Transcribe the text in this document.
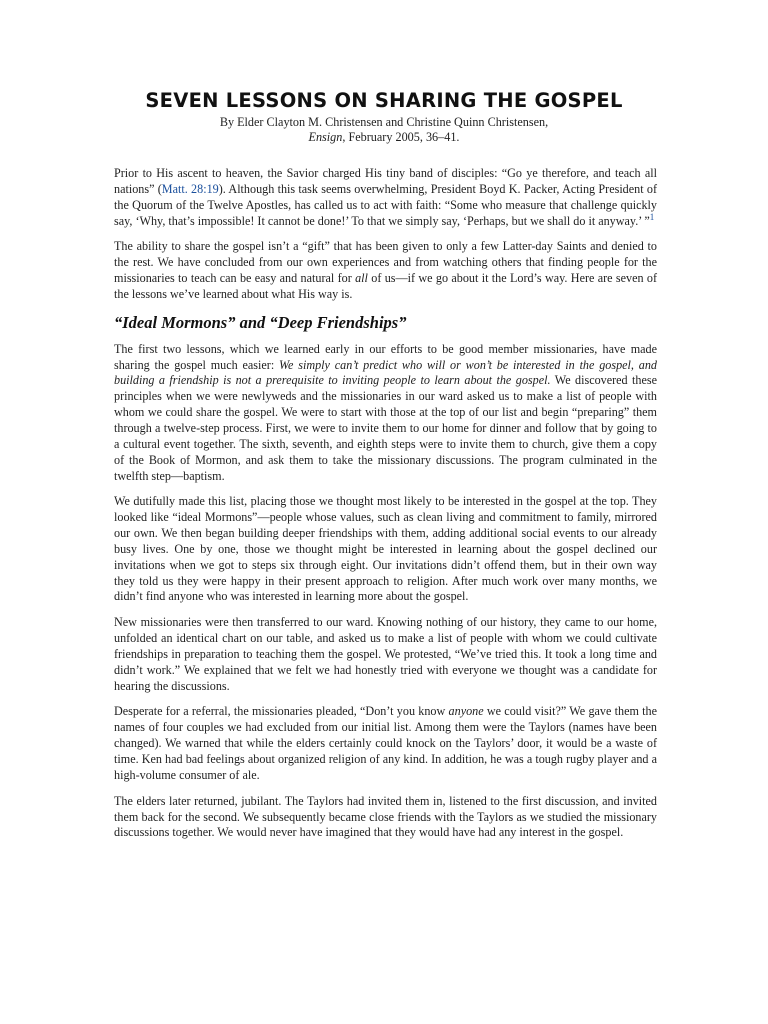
SEVEN LESSONS ON SHARING THE GOSPEL
By Elder Clayton M. Christensen and Christine Quinn Christensen,
Ensign, February 2005, 36–41.

Prior to His ascent to heaven, the Savior charged His tiny band of disciples: “Go ye therefore, and teach all nations” (Matt. 28:19). Although this task seems overwhelming, President Boyd K. Packer, Acting President of the Quorum of the Twelve Apostles, has called us to act with faith: “Some who measure that challenge quickly say, ‘Why, that’s impossible! It cannot be done!’ To that we simply say, ‘Perhaps, but we shall do it anyway.’ ”$^1$

The ability to share the gospel isn’t a “gift” that has been given to only a few Latter-day Saints and denied to the rest. We have concluded from our own experiences and from watching others that finding people for the missionaries to teach can be easy and natural for all of us—if we go about it the Lord’s way. Here are seven of the lessons we’ve learned about what His way is.

“Ideal Mormons” and “Deep Friendships”

The first two lessons, which we learned early in our efforts to be good member missionaries, have made sharing the gospel much easier: We simply can’t predict who will or won’t be interested in the gospel, and building a friendship is not a prerequisite to inviting people to learn about the gospel. We discovered these principles when we were newlyweds and the missionaries in our ward asked us to make a list of people with whom we could share the gospel. We were to start with those at the top of our list and begin “preparing” them through a twelve-step process. First, we were to invite them to our home for dinner and follow that by going to a cultural event together. The sixth, seventh, and eighth steps were to invite them to church, give them a copy of the Book of Mormon, and ask them to take the missionary discussions. The program culminated in the twelfth step—baptism.

We dutifully made this list, placing those we thought most likely to be interested in the gospel at the top. They looked like “ideal Mormons”—people whose values, such as clean living and commitment to family, mirrored our own. We then began building deeper friendships with them, adding additional social events to our already busy lives. One by one, those we thought might be interested in learning about the gospel declined our invitations when we got to steps six through eight. Our invitations didn’t offend them, but in their own way they told us they were happy in their present approach to religion. After much work over many months, we didn’t find anyone who was interested in learning more about the gospel.

New missionaries were then transferred to our ward. Knowing nothing of our history, they came to our home, unfolded an identical chart on our table, and asked us to make a list of people with whom we could cultivate friendships in preparation to teaching them the gospel. We protested, “We’ve tried this. It took a long time and didn’t work.” We explained that we felt we had honestly tried with everyone we thought was a candidate for hearing the discussions.

Desperate for a referral, the missionaries pleaded, “Don’t you know anyone we could visit?” We gave them the names of four couples we had excluded from our initial list. Among them were the Taylors (names have been changed). We warned that while the elders certainly could knock on the Taylors’ door, it would be a waste of time. Ken had bad feelings about organized religion of any kind. In addition, he was a tough rugby player and a high-volume consumer of ale.

The elders later returned, jubilant. The Taylors had invited them in, listened to the first discussion, and invited them back for the second. We subsequently became close friends with the Taylors as we studied the missionary discussions together. We would never have imagined that they would have had any interest in the gospel.
